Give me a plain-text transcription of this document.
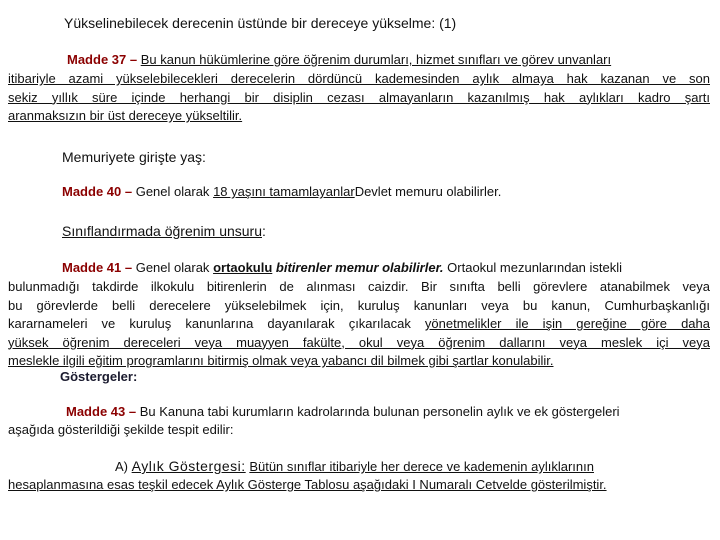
Yükselinebilecek derecenin üstünde bir dereceye yükselme: (1)
Madde 37 – Bu kanun hükümlerine göre öğrenim durumları, hizmet sınıfları ve görev unvanları
itibariyle azami yükselebilecekleri derecelerin dördüncü kademesinden aylık almaya hak kazanan ve son
sekiz yıllık süre içinde herhangi bir disiplin cezası almayanların kazanılmış hak aylıkları kadro şartı
aranmaksızın bir üst dereceye yükseltilir.
Memuriyete girişte yaş:
Madde 40 – Genel olarak 18 yaşını tamamlayanlarDevlet memuru olabilirler.
Sınıflandırmada öğrenim unsuru:
Madde 41 – Genel olarak ortaokulu bitirenler memur olabilirler. Ortaokul mezunlarından istekli
bulunmadığı takdirde ilkokulu bitirenlerin de alınması caizdir. Bir sınıfta belli görevlere atanabilmek veya
bu görevlerde belli derecelere yükselebilmek için, kuruluş kanunları veya bu kanun, Cumhurbaşkanlığı
kararnameleri ve kuruluş kanunlarına dayanılarak çıkarılacak yönetmelikler ile işin gereğine göre daha
yüksek öğrenim dereceleri veya muayyen fakülte, okul veya öğrenim dallarını veya meslek içi veya
meslekle ilgili eğitim programlarını bitirmiş olmak veya yabancı dil bilmek gibi şartlar konulabilir.
Göstergeler:
Madde 43 – Bu Kanuna tabi kurumların kadrolarında bulunan personelin aylık ve ek göstergeleri
aşağıda gösterildiği şekilde tespit edilir:
A) Aylık Göstergesi: Bütün sınıflar itibariyle her derece ve kademenin aylıklarının
hesaplanmasına esas teşkil edecek Aylık Gösterge Tablosu aşağıdaki I Numaralı Cetvelde gösterilmiştir.
